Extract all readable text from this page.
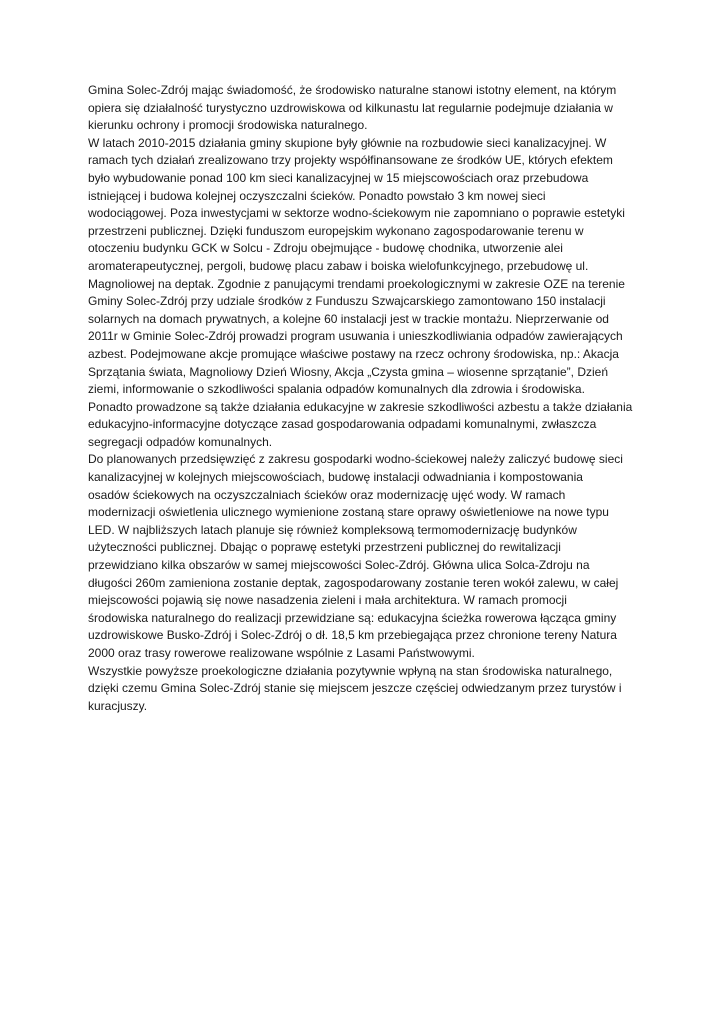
Gmina Solec-Zdrój mając świadomość, że środowisko naturalne stanowi istotny element, na którym
opiera się działalność turystyczno uzdrowiskowa od kilkunastu lat regularnie podejmuje działania w
kierunku ochrony i promocji środowiska naturalnego.
W latach 2010-2015 działania gminy skupione były głównie na rozbudowie sieci kanalizacyjnej. W
ramach tych działań zrealizowano trzy projekty współfinansowane ze środków UE, których efektem
było wybudowanie ponad 100 km sieci kanalizacyjnej w 15 miejscowościach oraz przebudowa
istniejącej i budowa kolejnej oczyszczalni ścieków. Ponadto powstało 3 km nowej sieci
wodociągowej. Poza inwestycjami w sektorze wodno-ściekowym nie zapomniano o poprawie estetyki
przestrzeni publicznej. Dzięki funduszom europejskim wykonano zagospodarowanie terenu w
otoczeniu budynku GCK w Solcu - Zdroju obejmujące - budowę chodnika, utworzenie alei
aromaterapeutycznej, pergoli, budowę placu zabaw i boiska wielofunkcyjnego, przebudowę ul.
Magnoliowej na deptak. Zgodnie z panującymi trendami proekologicznymi w zakresie OZE na terenie
Gminy Solec-Zdrój przy udziale środków z Funduszu Szwajcarskiego zamontowano 150 instalacji
solarnych na domach prywatnych, a kolejne 60 instalacji jest w trackie montażu. Nieprzerwanie od
2011r w Gminie Solec-Zdrój prowadzi program usuwania i unieszkodliwiania odpadów zawierających
azbest. Podejmowane akcje promujące właściwe postawy na rzecz ochrony środowiska, np.: Akacja
Sprzątania świata, Magnoliowy Dzień Wiosny, Akcja „Czysta gmina – wiosenne sprzątanie”, Dzień
ziemi, informowanie o szkodliwości spalania odpadów komunalnych dla zdrowia i środowiska.
Ponadto prowadzone są także działania edukacyjne w zakresie szkodliwości azbestu a także działania
edukacyjno-informacyjne dotyczące zasad gospodarowania odpadami komunalnymi, zwłaszcza
segregacji odpadów komunalnych.
Do planowanych przedsięwzięć z zakresu gospodarki wodno-ściekowej należy zaliczyć budowę sieci
kanalizacyjnej w kolejnych miejscowościach, budowę instalacji odwadniania i kompostowania
osadów ściekowych na oczyszczalniach ścieków oraz modernizację ujęć wody. W ramach
modernizacji oświetlenia ulicznego wymienione zostaną stare oprawy oświetleniowe na nowe typu
LED. W najbliższych latach planuje się również kompleksową termomodernizację budynków
użyteczności publicznej. Dbając o poprawę estetyki przestrzeni publicznej do rewitalizacji
przewidziano kilka obszarów w samej miejscowości Solec-Zdrój. Główna ulica Solca-Zdroju na
długości 260m zamieniona zostanie deptak, zagospodarowany zostanie teren wokół zalewu, w całej
miejscowości pojawią się nowe nasadzenia zieleni i mała architektura. W ramach promocji
środowiska naturalnego do realizacji przewidziane są: edukacyjna ścieżka rowerowa łącząca gminy
uzdrowiskowe Busko-Zdrój i Solec-Zdrój o dł. 18,5 km przebiegająca przez chronione tereny Natura
2000 oraz trasy rowerowe realizowane wspólnie z Lasami Państwowymi.
Wszystkie powyższe proekologiczne działania pozytywnie wpłyną na stan środowiska naturalnego,
dzięki czemu Gmina Solec-Zdrój stanie się miejscem jeszcze częściej odwiedzanym przez turystów i
kuracjuszy.
